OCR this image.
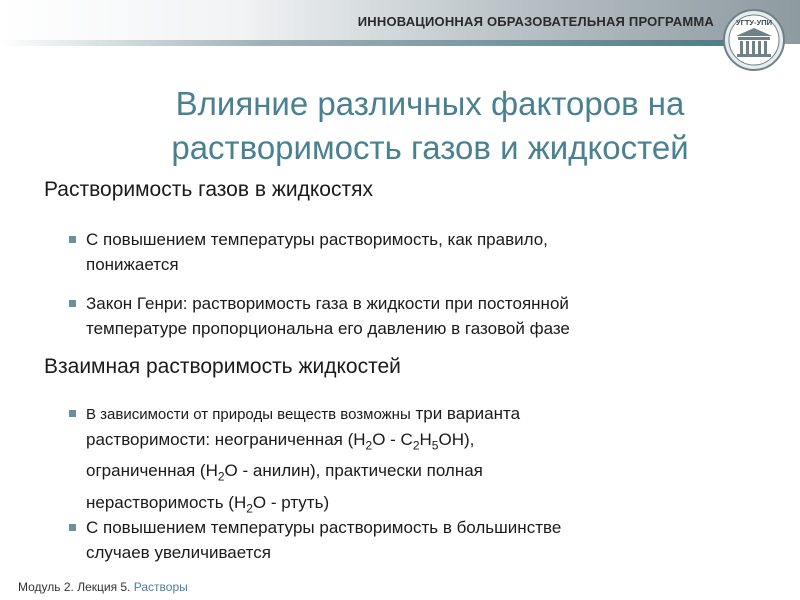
ИННОВАЦИОННАЯ ОБРАЗОВАТЕЛЬНАЯ ПРОГРАММА	УГТУ-УПИ
Влияние различных факторов на
растворимость газов и жидкостей
Растворимость газов в жидкостях
С повышением температуры растворимость, как правило,
понижается
Закон Генри: растворимость газа в жидкости при постоянной
температуре пропорциональна его давлению в газовой фазе
Взаимная растворимость жидкостей
В зависимости от природы веществ возможны три варианта
растворимости: неограниченная $(H_2O - C_2H_5OH)$,
ограниченная ($H_2O$ - анилин), практически полная
нерастворимость ($H_2O$ - ртуть)
С повышением температуры растворимость в большинстве
случаев увеличивается
Модуль 2. Лекция 5. Растворы
